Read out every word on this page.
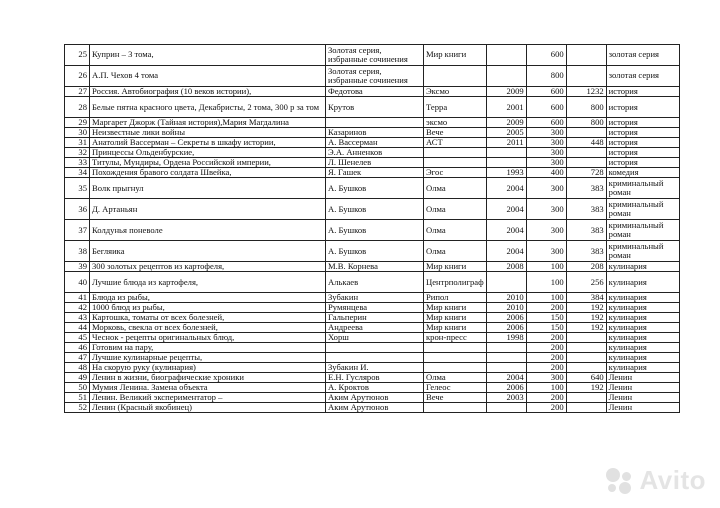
25	Куприн – 3 тома,	Золотая серия, избранные сочинения	Мир книги		600		золотая серия
26	А.П. Чехов 4 тома	Золотая серия, избранные сочинения			800		золотая серия
27	Россия. Автобиография (10 веков истории),	Федотова	Эксмо	2009	600	1232	история
28	Белые пятна красного цвета, Декабристы, 2 тома, 300 р за том	Крутов	Терра	2001	600	800	история
29	Маргарет Джорж (Тайная история),Мария Магдалина		эксмо	2009	600	800	история
30	Неизвестные лики войны	Казаринов	Вече	2005	300		история
31	Анатолий Вассерман – Секреты в шкафу истории,	А. Вассерман	АСТ	2011	300	448	история
32	Принцессы Ольденбурские,	Э.А. Анненков			300		история
33	Титулы, Мундиры, Ордена Российской империи,	Л. Шенелев			300		история
34	Похождения бравого солдата Швейка,	Я. Гашек	Эгос	1993	400	728	комедия
35	Волк прыгнул	А. Бушков	Олма	2004	300	383	криминальный роман
36	Д. Артаньян	А. Бушков	Олма	2004	300	383	криминальный роман
37	Колдунья поневоле	А. Бушков	Олма	2004	300	383	криминальный роман
38	Бегляика	А. Бушков	Олма	2004	300	383	криминальный роман
39	300 золотых рецептов из картофеля,	М.В. Корнева	Мир книги	2008	100	208	кулинария
40	Лучшие блюда из картофеля,	Алькаев	Центрполиграф		100	256	кулинария
41	Блюда из рыбы,	Зубакин	Рипол	2010	100	384	кулинария
42	1000 блюд из рыбы,	Румянцева	Мир книги	2010	200	192	кулинария
43	Картошка, томаты от всех болезней,	Гальперин	Мир книги	2006	150	192	кулинария
44	Морковь, свекла от всех болезней,	Андреева	Мир книги	2006	150	192	кулинария
45	Чеснок - рецепты оригинальных блюд,	Хорш	крон-пресс	1998	200		кулинария
46	Готовим на пару,				200		кулинария
47	Лучшие кулинарные рецепты,				200		кулинария
48	На скорую руку (кулинария)	Зубакин И.			200		кулинария
49	Ленин в жизни, биографические хроники	Е.Н. Гусляров	Олма	2004	300	640	Ленин
50	Мумия Ленина. Замена объекта	А. Кроктов	Гелеос	2006	100	192	Ленин
51	Ленин. Великий экспериментатор –	Аким Арутюнов	Вече	2003	200		Ленин
52	Ленин (Красный якобинец)	Аким Арутюнов			200		Ленин
Avito
